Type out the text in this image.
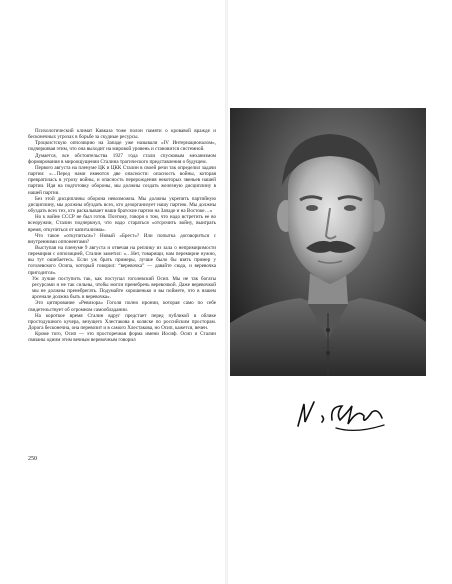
Психологический климат Кавказа тоже полон памяти о кровавой вражде и бесконечных угрозах в борьбе за скудные ресурсы.

Троцкистскую оппозицию на Западе уже называли «IV Интернационалом», подчеркивая этим, что она выходит на мировой уровень и становится системной.

Думается, все обстоятельства 1927 года стали спусковым механизмом формирования в мироощущении Сталина трагического представления о будущем.

Первого августа на пленуме ЦК и ЦКК Сталин в своей речи так определил задачи партии: «…Перед нами имеются две опасности: опасность войны, которая превратилась в угрозу войны, и опасность перерождения некоторых звеньев нашей партии. Идя на подготовку обороны, мы должны создать железную дисциплину в нашей партии.

Без этой дисциплины оборона невозможна. Мы должны укрепить партийную дисциплину, мы должны обуздать всех, кто дезорганизует нашу партию. Мы должны обуздать всех тех, кто раскалывает наши братские партии на Западе и на Востоке…»

Но к войне СССР не был готов. Поэтому, говоря о том, что надо встретить ее во всеоружии, Сталин подчеркнул, что надо стараться «отсрочить войну, выиграть время, откупиться от капитализма».

Что такое «откупиться»? Новый «Брест»? Или попытка договориться с внутренними оппонентами?

Выступая на пленуме 9 августа и отвечая на реплику из зала о непримиримости перемирия с оппозицией, Сталин заметил: «…Нет, товарищи, нам перемирие нужно, вы тут ошибаетесь. Если уж брать примеры, лучше было бы взять пример у гоголевского Осипа, который говорил: “веревочка” — давайте сюда, и веревочка пригодится».

Уж лучше поступить так, как поступал гоголевский Осип. Мы не так богаты ресурсами и не так сильны, чтобы могли пренебречь веревочкой. Даже веревочкой мы не должны пренебрегать. Подумайте хорошенько и вы поймете, что в нашем арсенале должна быть и веревочка».

Это цитирование «Ревизора» Гоголя полно иронии, которая само по себе свидетельствует об огромном самообладании.

На короткое время Сталин вдруг предстает перед публикой в облике простодушного кучера, везущего Хлестакова в коляске по российским просторам. Дорога бесконечна, она перевозит и в самого Хлестакова, но Осип, кажется, вечен.

Кроме того, Осип — это просторечная форма имени Иосиф. Осип и Сталин связаны одним этим вечным веревочным говорил

250
